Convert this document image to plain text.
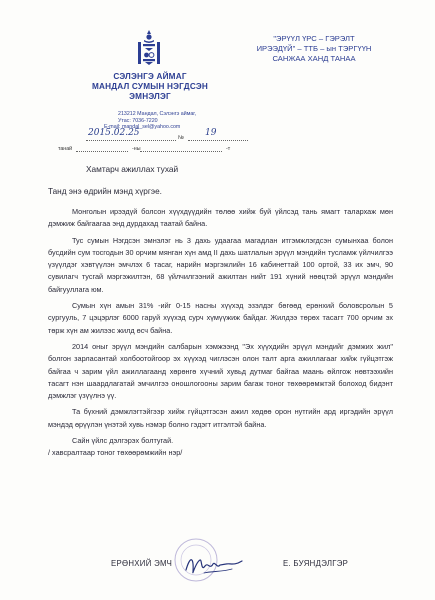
СЭЛЭНГЭ АЙМАГ
МАНДАЛ СУМЫН НЭГДСЭН
ЭМНЭЛЭГ
213212 Мандал, Сэлэнгэ аймаг,
Утас: 7036-7220
E-mail: mandal_sel@yahoo.com
2015.02.25	№ 19
танай	-ны	-т
Хамтарч ажиллах тухай
"ЭРҮҮЛ ҮРС – ГЭРЭЛТ
ИРЭЭДҮЙ" – ТТБ – ын ТЭРГҮҮН
САНЖАА ХАНД ТАНАА
Танд энэ өдрийн мэнд хүргэе.

Монголын ирээдүй болсон хүүхдүүдийн төлөө хийж буй үйлсэд тань ямагт талархаж мөн дэмжиж байгаагаа энд дурдахад таатай байна.

Тус сумын Нэгдсэн эмнэлэг нь 3 дахь удаагаа магадлан итгэмжлэгдсэн сумынхаа болон бусдийн сум тосгодын 30 орчим мянган хүн амд II дахь шатлалын эрүүл мэндийн тусламж үйлчилгээ үзүүлдэг хэвтүүлэн эмчлэх 6 тасаг, нарийн мэргэжлийн 16 кабинеттай 100 ортой, 33 их эмч, 90 сувилагч тусгай мэргэжилтэн, 68 үйлчилгээний ажилтан нийт 191 хүний нөөцтэй эрүүл мэндийн байгууллага юм.

Сумын хүн амын 31% -ийг 0-15 насны хүүхэд эзэлдэг бөгөөд ерөнхий боловсролын 5 сургууль, 7 цэцэрлэг 6000 гаруй хүүхэд сурч хүмүүжиж байдаг. Жилдээ төрөх тасагт 700 орчим эх төрж хүн ам жилээс жилд өсч байна.

2014 оныг эрүүл мэндийн салбарын хэмжээнд "Эх хүүхдийн эрүүл мэндийг дэмжих жил" болгон зарласантай холбоотойгоор эх хүүхэд чиглэсэн олон талт арга ажиллагааг хийж гүйцэтгэж байгаа ч зарим үйл ажиллагаанд хөрөнгө хүчний хувьд дутмаг байгаа маань өйлгож нөвтээхийн тасагт нэн шаардлагатай эмчилгээ оношлогооны зарим багаж тоног төхөөрөмжтэй болоход бидэнт дэмжлэг үзүүлнэ үү.

Та бүхний дэмжлэгтэйгээр хийж гүйцэтгэсэн ажил хөдөө орон нутгийн ард иргэдийн эрүүл мэндэд өрүүлэн үнэтэй хувь нэмэр болно гэдэгт итгэлтэй байна.

Сайн үйлс дэлгэрэх болтугай.
/ хавсралтаар тоног төхөөрөмжийн нэр/
ЕРӨНХИЙ ЭМЧ	Е. БУЯНДЭЛГЭР
